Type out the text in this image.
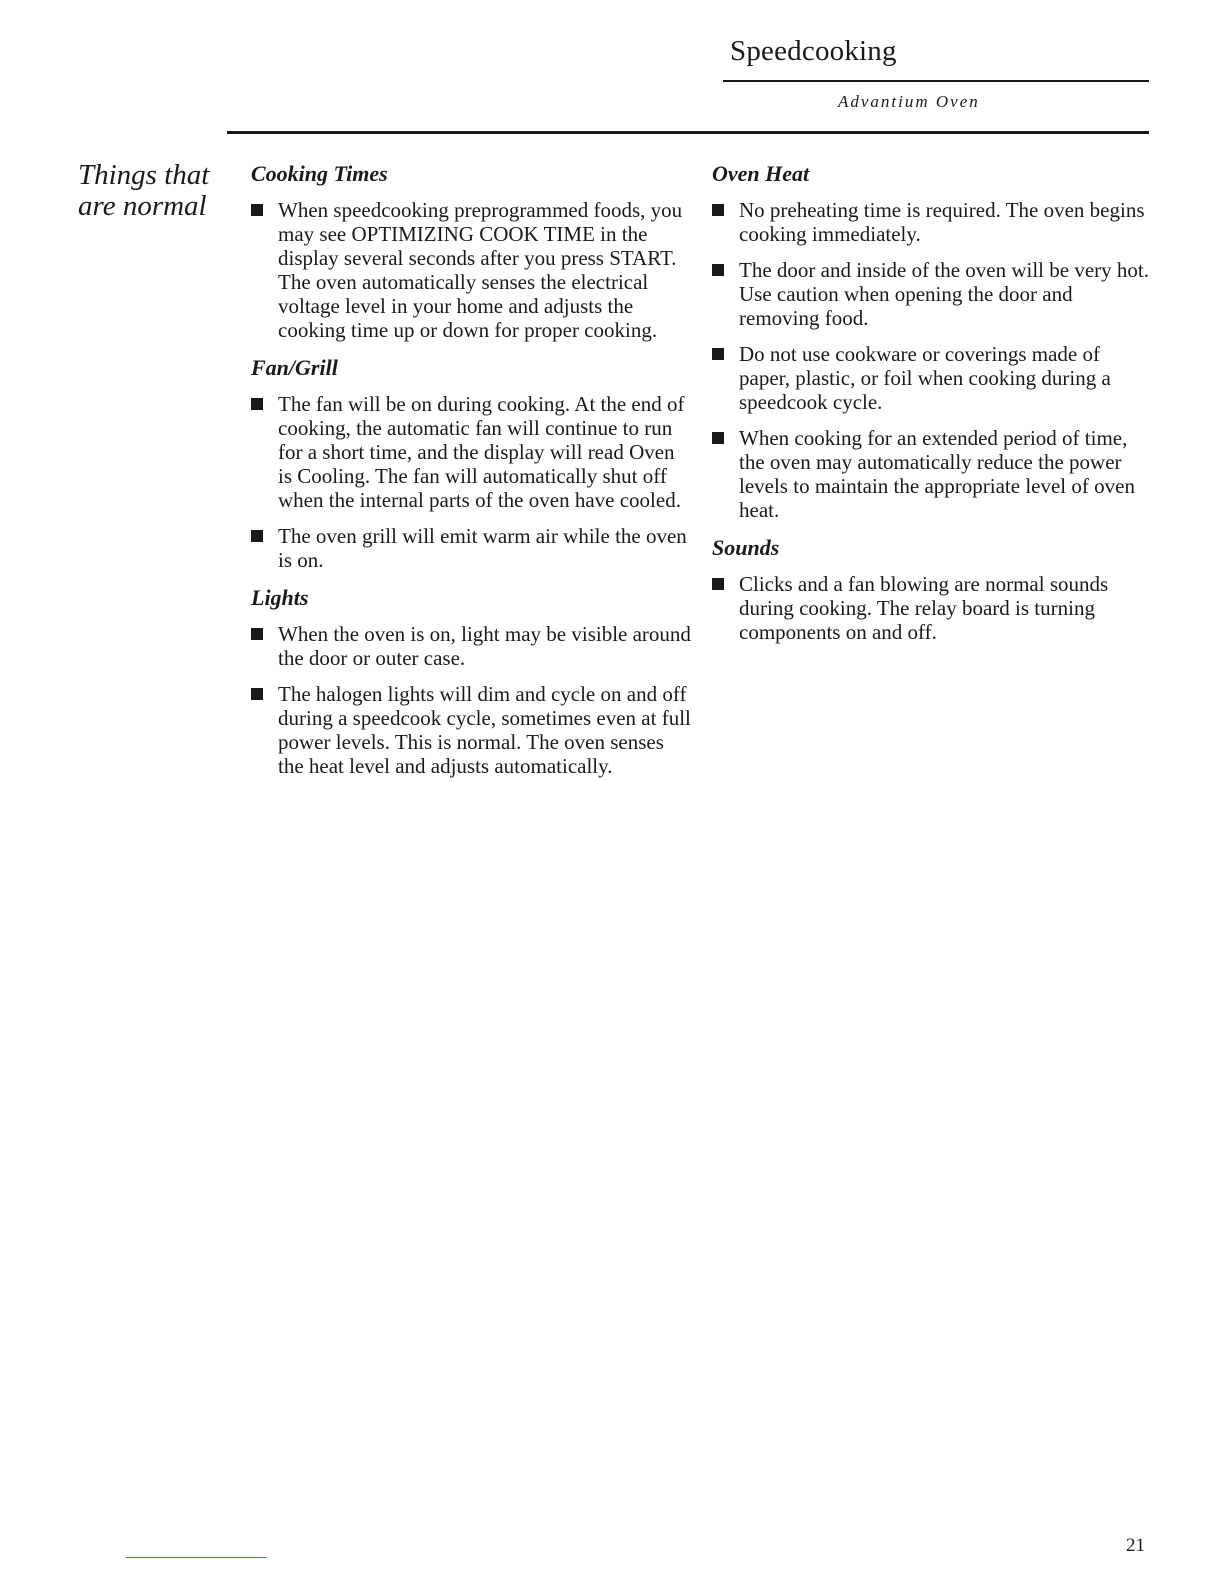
Speedcooking
Advantium Oven
Things that
are normal
Cooking Times
When speedcooking preprogrammed foods, you may see OPTIMIZING COOK TIME in the display several seconds after you press START. The oven automatically senses the electrical voltage level in your home and adjusts the cooking time up or down for proper cooking.
Fan/Grill
The fan will be on during cooking. At the end of cooking, the automatic fan will continue to run for a short time, and the display will read Oven is Cooling. The fan will automatically shut off when the internal parts of the oven have cooled.
The oven grill will emit warm air while the oven is on.
Lights
When the oven is on, light may be visible around the door or outer case.
The halogen lights will dim and cycle on and off during a speedcook cycle, sometimes even at full power levels. This is normal. The oven senses the heat level and adjusts automatically.
Oven Heat
No preheating time is required. The oven begins cooking immediately.
The door and inside of the oven will be very hot. Use caution when opening the door and removing food.
Do not use cookware or coverings made of paper, plastic, or foil when cooking during a speedcook cycle.
When cooking for an extended period of time, the oven may automatically reduce the power levels to maintain the appropriate level of oven heat.
Sounds
Clicks and a fan blowing are normal sounds during cooking. The relay board is turning components on and off.
21
